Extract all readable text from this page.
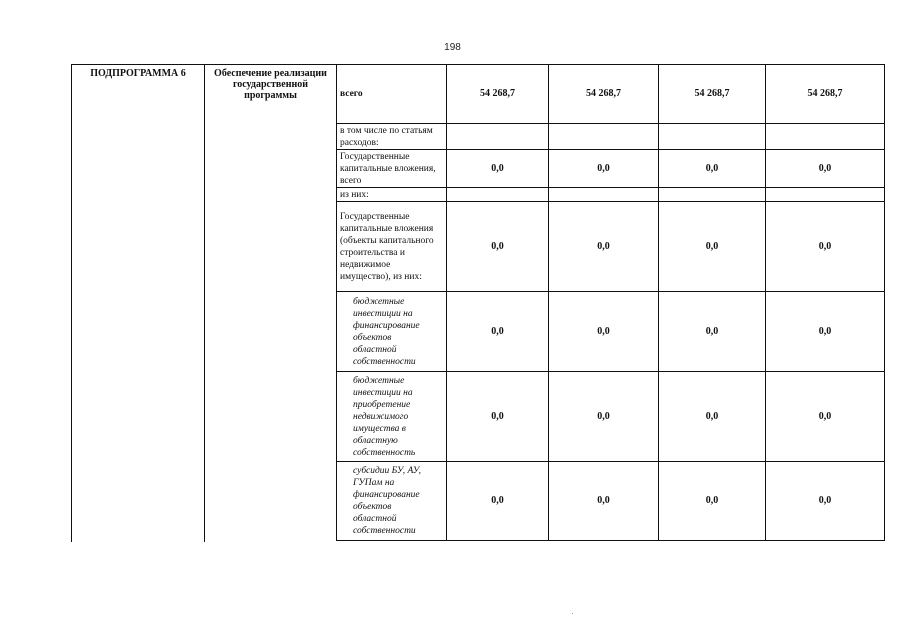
198
ПОДПРОГРАММА 6	Обеспечение реализации государственной программы	всего	54 268,7	54 268,7	54 268,7	54 268,7
в том числе по статьям расходов:				
Государственные капитальные вложения, всего	0,0	0,0	0,0	0,0
из них:				
Государственные капитальные вложения (объекты капитального строительства и недвижимое имущество), из них:	0,0	0,0	0,0	0,0
бюджетные инвестиции на финансирование объектов областной собственности	0,0	0,0	0,0	0,0
бюджетные инвестиции на приобретение недвижимого имущества в областную собственность	0,0	0,0	0,0	0,0
субсидии БУ, АУ, ГУПам на финансирование объектов областной собственности	0,0	0,0	0,0	0,0
